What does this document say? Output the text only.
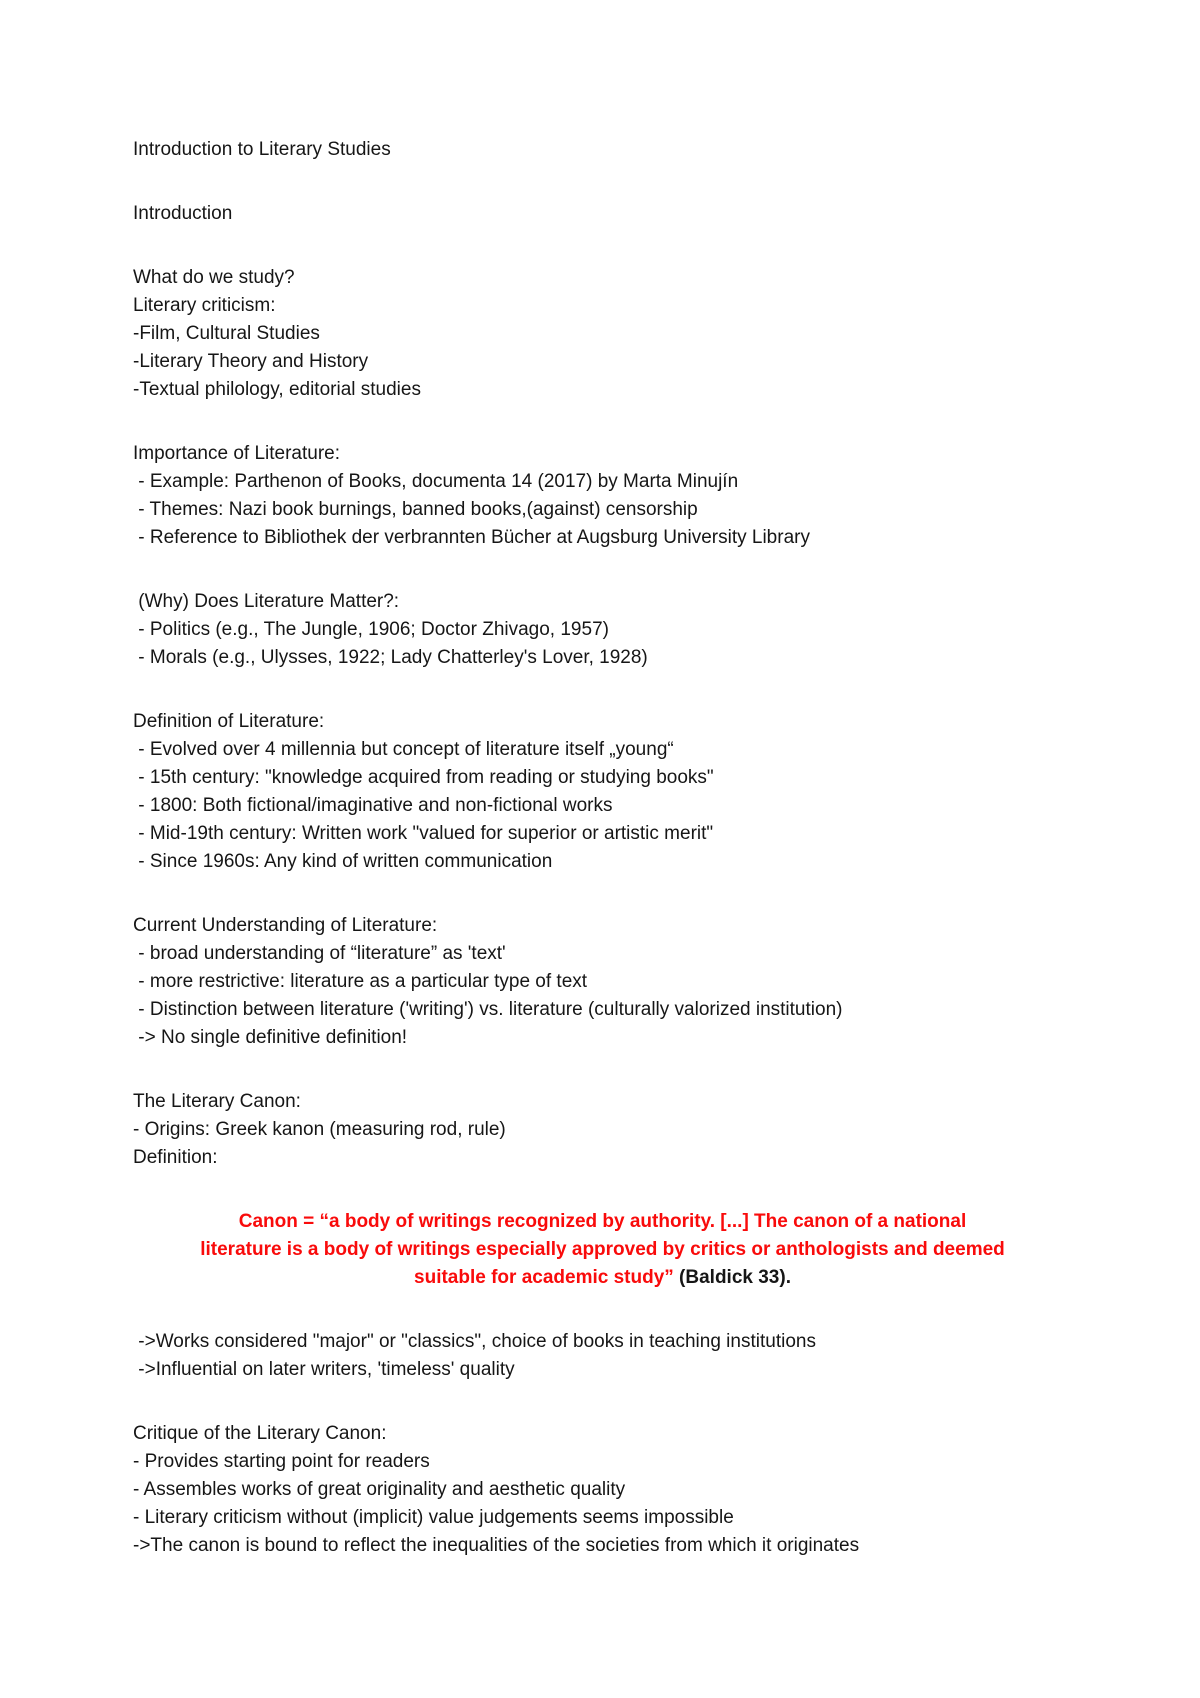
Introduction to Literary Studies
Introduction
What do we study?
Literary criticism:
-Film, Cultural Studies
-Literary Theory and History
-Textual philology, editorial studies
Importance of Literature:
- Example: Parthenon of Books, documenta 14 (2017) by Marta Minujín
- Themes: Nazi book burnings, banned books,(against) censorship
- Reference to Bibliothek der verbrannten Bücher at Augsburg University Library
(Why) Does Literature Matter?:
- Politics (e.g., The Jungle, 1906; Doctor Zhivago, 1957)
- Morals (e.g., Ulysses, 1922; Lady Chatterley's Lover, 1928)
Definition of Literature:
- Evolved over 4 millennia but concept of literature itself „young“
- 15th century: "knowledge acquired from reading or studying books"
- 1800: Both fictional/imaginative and non-fictional works
- Mid-19th century: Written work "valued for superior or artistic merit"
- Since 1960s: Any kind of written communication
Current Understanding of Literature:
- broad understanding of “literature” as 'text'
- more restrictive: literature as a particular type of text
- Distinction between literature ('writing') vs. literature (culturally valorized institution)
-> No single definitive definition!
The Literary Canon:
- Origins: Greek kanon (measuring rod, rule)
Definition:
Canon = “a body of writings recognized by authority. [...] The canon of a national
literature is a body of writings especially approved by critics or anthologists and deemed
suitable for academic study” (Baldick 33).
->Works considered "major" or "classics", choice of books in teaching institutions
->Influential on later writers, 'timeless' quality
Critique of the Literary Canon:
- Provides starting point for readers
- Assembles works of great originality and aesthetic quality
- Literary criticism without (implicit) value judgements seems impossible
->The canon is bound to reflect the inequalities of the societies from which it originates
